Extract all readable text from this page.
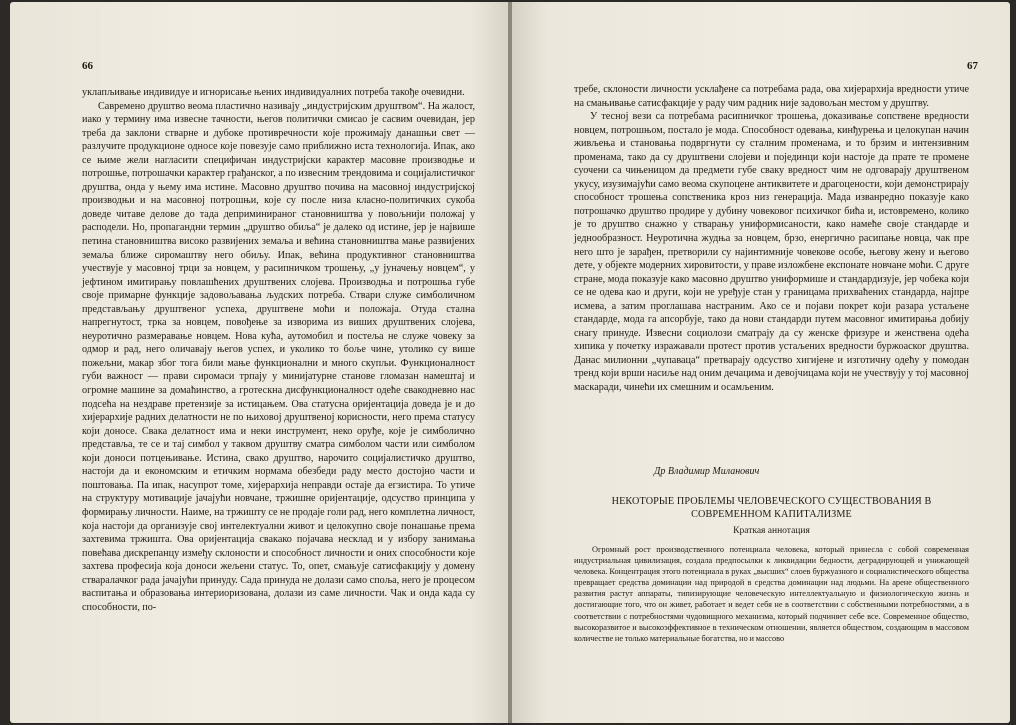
66

уклапљивање индивидуе и игнорисање њених индивидуалних потреба такође очевидни.

Савремено друштво веома пластично називају „индустријским друштвом“. На жалост, иако у термину има извесне тачности, његов политички смисао је сасвим очевидан, јер треба да заклони стварне и дубоке противречности које прожимају данашњи свет — разлучите продукционе односе које повезује само приближно иста технологија. Ипак, ако се њиме жели нагласити специфичан индустријски карактер масовне производње и потрошње, потрошачки карактер грађанског, а по извесним трендовима и социјалистичког друштва, онда у њему има истине. Масовно друштво почива на масовној индустријској производњи и на масовној потрошњи, које су после низа класно-политичких сукоба доведе читаве делове до тада деприминираног становништва у повољнији положај у расподели. Но, пропагандни термин „друштво обиља“ је далеко од истине, јер је највише петина становништва високо развијених земаља и већина становништва мање развијених земаља ближе сиромаштву него обиљу. Ипак, већина продуктивног становништва учествује у масовној трци за новцем, у расипничком трошењу, „у јуначењу новцем“, у јефтином имитирању повлашћених друштвених слојева. Производња и потрошња губе своје примарне функције задовољавања људских потреба. Ствари служе симболичном представљању друштвеног успеха, друштвене моћи и положаја. Отуда стална напрегнутост, трка за новцем, повођење за изворима из виших друштвених слојева, неуротично размеравање новцем. Нова кућа, аутомобил и постеља не служе човеку за одмор и рад, него оличавају његов успех, и уколико то боље чине, утолико су више пожељни, макар због тога били мање функционални и много скупљи. Функционалност губи важност — прави сиромаси трпају у минијатурне станове гломазан намештај и огромне машине за домаћинство, а гротескна дисфункционалност одеће свакодневно нас подсећа на нездраве претензије за истицањем. Ова статусна оријентација доведа је и до хијерархије радних делатности не по њиховој друштвеној корисности, него према статусу који доносе. Свака делатност има и неки инструмент, неко оруђе, које је симболично представља, те се и тај симбол у таквом друштву сматра симболом части или симболом који доноси потцењивање. Истина, свако друштво, нарочито социјалистичко друштво, настоји да и економским и етичким нормама обезбеди раду место достојно части и поштовања. Па ипак, насупрот томе, хијерархија неправди остаје да егзистира. То утиче на структуру мотивације јачајући новчане, тржишне оријентације, одсуство принципа у формирању личности. Наиме, на тржишту се не продаје голи рад, него комплетна личност, која настоји да организује свој интелектуални живот и целокупно своје понашање према захтевима тржишта. Ова оријентација свакако појачава несклад и у избору занимања повећава дискрепанцу између склоности и способност личности и оних способности које захтева професија која доноси жељени статус. То, опет, смањује сатисфакцију у домену стваралачког рада јачајући принуду. Сада принуда не долази само споља, него је процесом васпитања и образовања интериоризована, долази из саме личности. Чак и онда када су способности, по-

67

требе, склоности личности усклађене са потребама рада, ова хијерархија вредности утиче на смањивање сатисфакције у раду чим радник није задовољан местом у друштву.

У тесној вези са потребама расипничког трошења, доказивање сопствене вредности новцем, потрошњом, постало је мода. Способност одевања, кинђурења и целокупан начин живљења и становања подвргнути су сталним променама, и то брзим и интензивним променама, тако да су друштвени слојеви и појединци који настоје да прате те промене суочени са чињеницом да предмети губе сваку вредност чим не одговарају друштвеном укусу, изузимајући само веома скупоцене антиквитете и драгоцености, који демонстрирају способност трошења сопственика кроз низ генерација. Мада изванредно показује како потрошачко друштво продире у дубину човековог психичког бића и, истовремено, колико је то друштво снажно у стварању униформисаности, како намеће своје стандарде и једнообразност. Неуротична жудња за новцем, брзо, енергично расипање новца, чак пре него што је зарађен, претворили су најинтимније човекове особе, његову жену и његово дете, у објекте модерних хировитости, у праве изложбене експонате новчане моћи. С друге стране, мода показује како масовно друштво униформише и стандардизује, јер чобека који се не одева као и други, који не уређује стан у границама прихваћених стандарда, најпре исмева, а затим проглашава настраним. Ако се и појави покрет који разара устаљене стандарде, мода га апсорбује, тако да нови стандарди путем масовног имитирања добију снагу принуде. Извесни социолози сматрају да су женске фризуре и женствена одећа хипика у почетку изражавали протест против устаљених вредности буржоаског друштва. Данас милионни „чупаваца“ претварају одсуство хигијене и изготичну одећу у помодан тренд који врши насиље над оним дечацима и девојчицама који не учествују у тој масовној маскаради, чинећи их смешним и осамљеним.

Др Владимир Миланович
НЕКОТОРЫЕ ПРОБЛЕМЫ ЧЕЛОВЕЧЕСКОГО СУЩЕСТВОВАНИЯ В
СОВРЕМЕННОМ КАПИТАЛИЗМЕ
Краткая аннотация

Огромный рост производственного потенциала человека, который принесла с собой современная индустриальная цивилизация, создала предпосылки к ликвидации бедности, деградирующей и унижающей человека. Концентрация этого потенциала в руках „высших“ слоев буржуазного и социалистического общества превращает средства доминации над природой в средства доминации над людьми. На арене общественного развития растут аппараты, типизирующие человеческую интеллектуальную и физиологическую жизнь и достигающие того, что он живет, работает и ведет себя не в соответствии с собственными потребностями, а в соответствии с потребностями чудовищного механизма, который подчиняет себе все. Современное общество, высокоразвитое и высокоэффективное в техническом отношении, является обществом, создающим в массовом количестве не только материальные богатства, но и массово
